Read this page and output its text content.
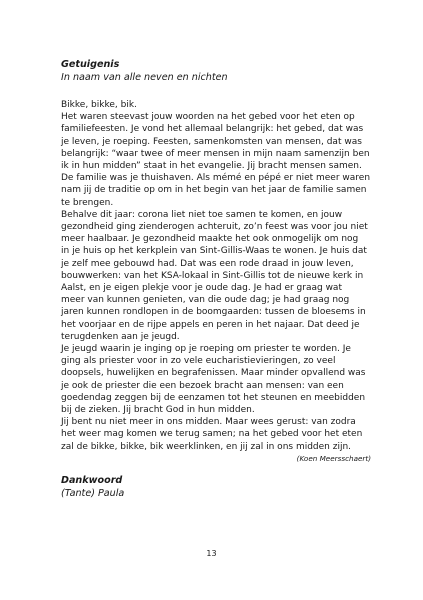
Getuigenis

In naam van alle neven en nichten

Bikke, bikke, bik.

Het waren steevast jouw woorden na het gebed voor het eten op

familiefeesten. Je vond het allemaal belangrijk: het gebed, dat was

je leven, je roeping. Feesten, samenkomsten van mensen, dat was

belangrijk: “waar twee of meer mensen in mijn naam samenzijn ben

ik in hun midden” staat in het evangelie. Jij bracht mensen samen.

De familie was je thuishaven. Als mémé en pépé er niet meer waren

nam jij de traditie op om in het begin van het jaar de familie samen

te brengen.

Behalve dit jaar: corona liet niet toe samen te komen, en jouw

gezondheid ging zienderogen achteruit, zo’n feest was voor jou niet

meer haalbaar. Je gezondheid maakte het ook onmogelijk om nog

in je huis op het kerkplein van Sint-Gillis-Waas te wonen. Je huis dat

je zelf mee gebouwd had. Dat was een rode draad in jouw leven,

bouwwerken: van het KSA-lokaal in Sint-Gillis tot de nieuwe kerk in

Aalst, en je eigen plekje voor je oude dag. Je had er graag wat

meer van kunnen genieten, van die oude dag; je had graag nog

jaren kunnen rondlopen in de boomgaarden: tussen de bloesems in

het voorjaar en de rijpe appels en peren in het najaar. Dat deed je

terugdenken aan je jeugd.

Je jeugd waarin je inging op je roeping om priester te worden. Je

ging als priester voor in zo vele eucharistievieringen, zo veel

doopsels, huwelijken en begrafenissen. Maar minder opvallend was

je ook de priester die een bezoek bracht aan mensen: van een

goedendag zeggen bij de eenzamen tot het steunen en meebidden

bij de zieken. Jij bracht God in hun midden.

Jij bent nu niet meer in ons midden. Maar wees gerust: van zodra

het weer mag komen we terug samen; na het gebed voor het eten

zal de bikke, bikke, bik weerklinken, en jij zal in ons midden zijn.

(Koen Meersschaert)

Dankwoord

(Tante) Paula

13
